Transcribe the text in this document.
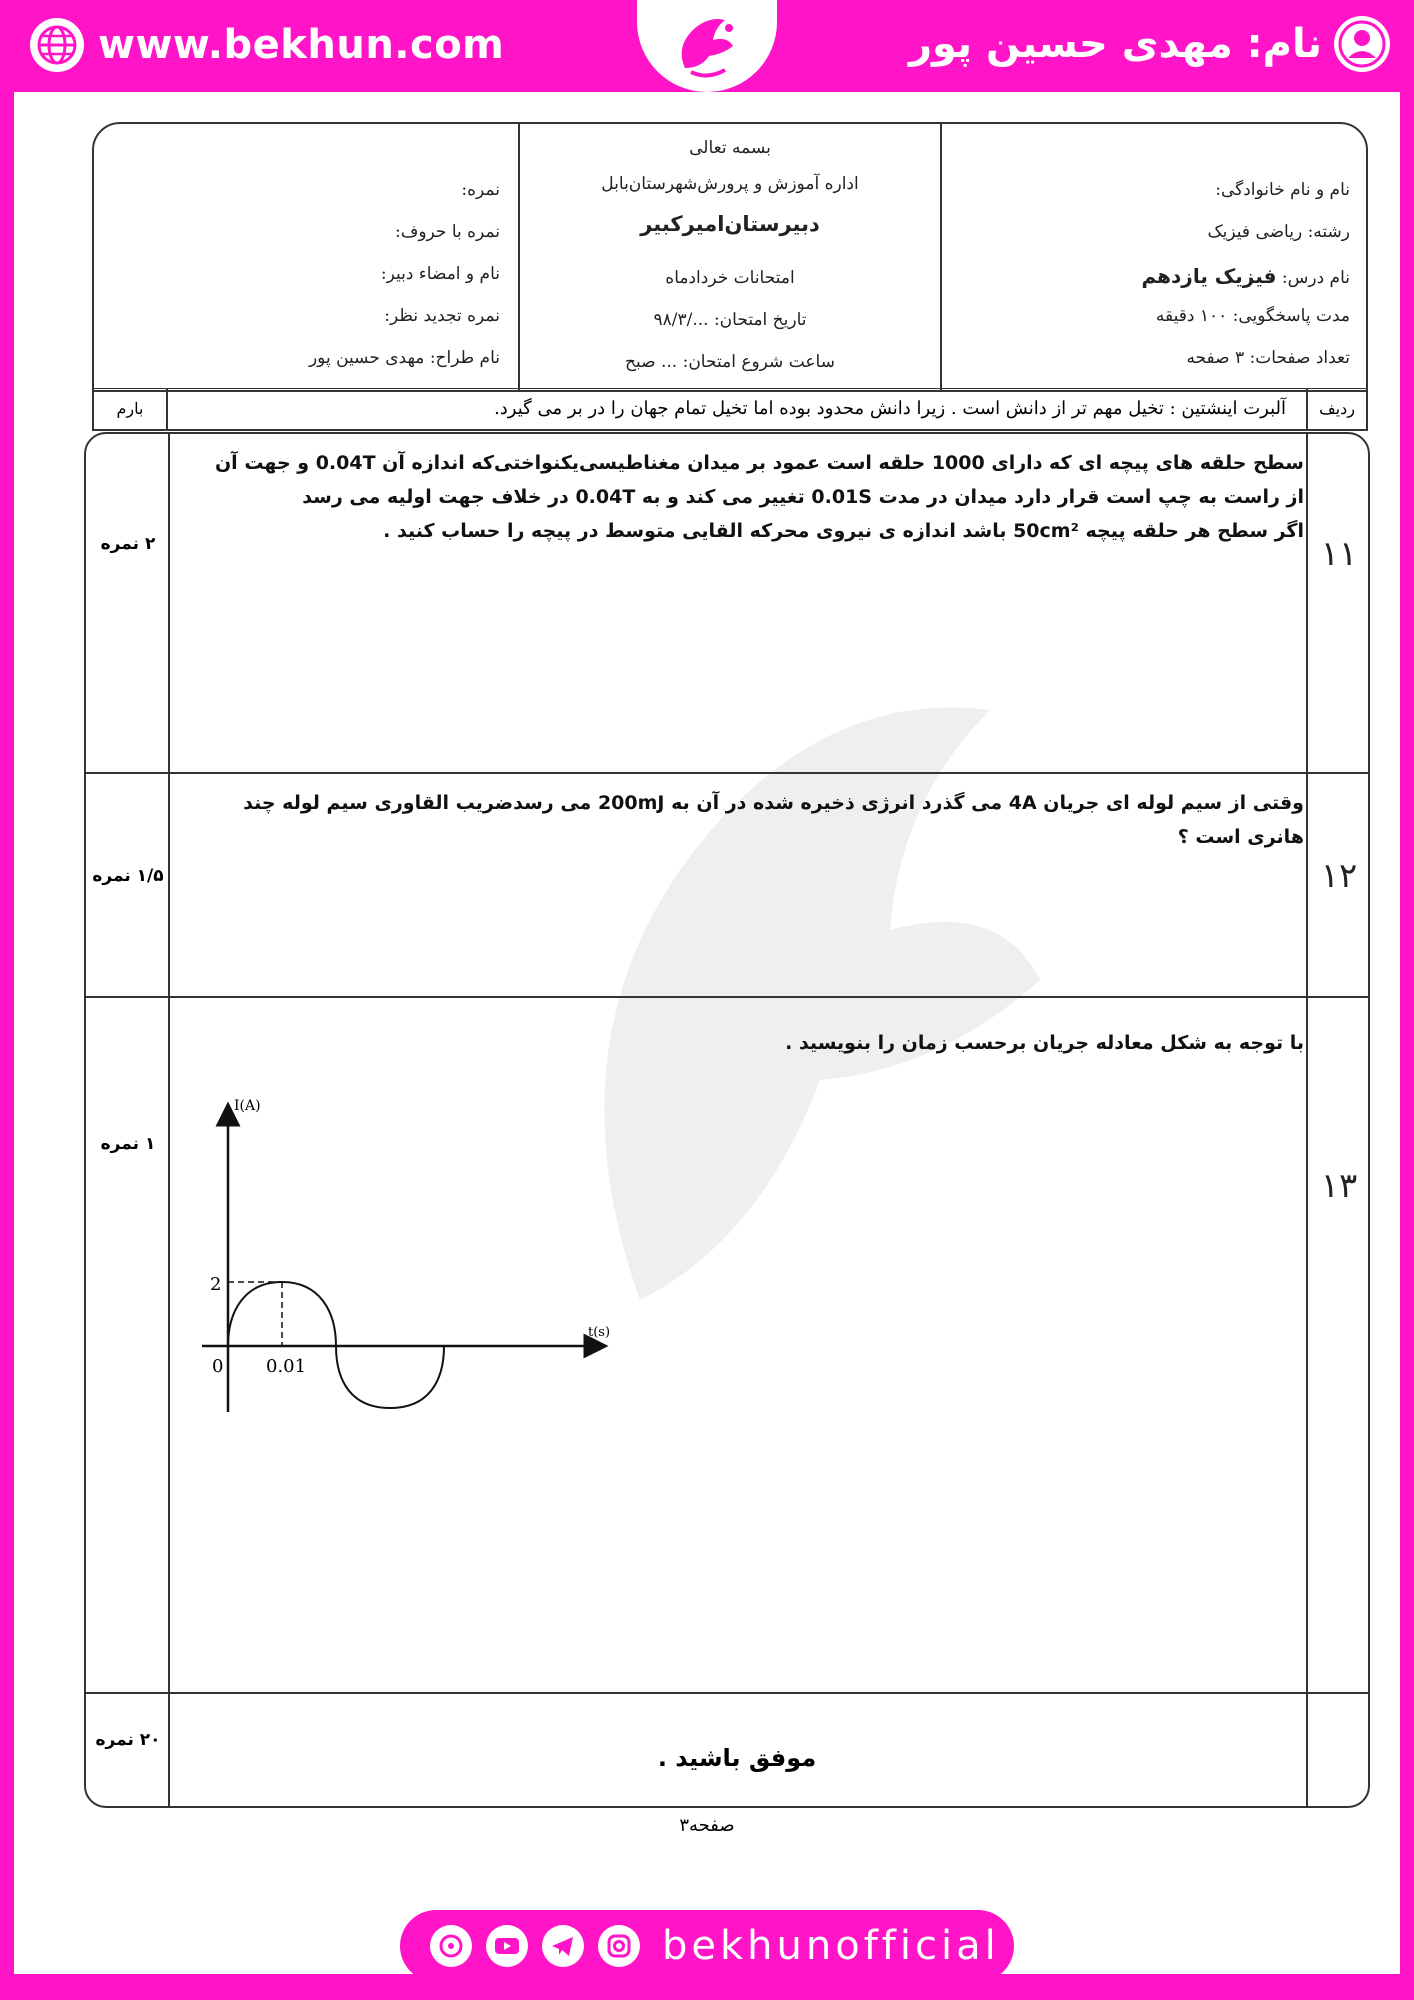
www.bekhun.com	نام: مهدی حسین پور
نمره:
نمره با حروف:
نام و امضاء دبیر:
نمره تجدید نظر:
نام طراح: مهدی حسین پور
بسمه تعالی
اداره آموزش و پرورش‌شهرستان‌بابل
دبیرستان‌امیرکبیر
امتحانات خردادماه
تاریخ امتحان: .../۹۸/۳
ساعت شروع امتحان: ... صبح
نام و نام خانوادگی:
رشته: ریاضی فیزیک
نام درس: فیزیک یازدهم
مدت پاسخگویی: ۱۰۰ دقیقه
تعداد صفحات: ۳ صفحه
ردیف
آلبرت اینشتین : تخیل مهم تر از دانش است . زیرا دانش محدود بوده اما تخیل تمام جهان را در بر می گیرد.
بارم
۱۱
۲ نمره
سطح حلقه های پیچه ای که دارای 1000 حلقه است عمود بر میدان مغناطیسی‌یکنواختی‌که اندازه آن 0.04T و جهت آن
از راست به چپ است قرار دارد میدان در مدت 0.01S تغییر می کند و به 0.04T در خلاف جهت اولیه می رسد
اگر سطح هر حلقه پیچه 50cm² باشد اندازه ی نیروی محرکه القایی متوسط در پیچه را حساب کنید .
۱۲
۱/۵ نمره
وقتی از سیم لوله ای جریان 4A می گذرد انرژی ذخیره شده در آن به 200mJ می رسد‌ضریب القاوری سیم لوله چند
هانری است ؟
۱۳
۱ نمره
با توجه به شکل معادله جریان برحسب زمان را بنویسید .
I(A)
t(s)
2
0 0.01
۲۰ نمره
موفق باشید .
صفحه۳
bekhunofficial
